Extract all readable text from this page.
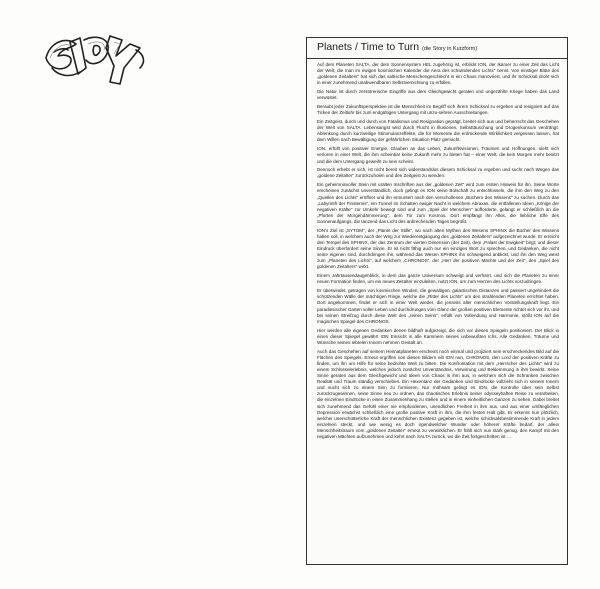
Planets / Time to Turn (die Story in Kurzform)

Auf dem Planeten SALTA, der dem Sonnensystem HEL zugehörig ist, erblickt ION, der Ikarxer zu einer Zeit das Licht der Welt, die man im ewigen kosmischen Kalender die Aera des schwindenden Lichts" nennt. Von einstiger Blüte des „goldenen Zeitalters" hat sich das saltische Menschengeschlecht in ein Chaos manövriert, und ihr Schicksal droht sich in einer zunehmend unabwendbaren Selbstvernichtung zu erfüllen.

Die Natur ist durch zerstörerische Eingriffe aus dem Gleichgewicht geraten und ungezählte Kriege haben das Land verwüstet.

Beraubt jeder Zukunftsperspektive ist die Menschheit im Begriff sich ihrem Schicksal zu ergeben und resigniert auf das Ticken der Zeitluhr bis zum endgültigen Untergang mit unzu-sehren Ausschreitungen.

Ein Zeitgeist, durch und durch von Fatalismus und Resignation geprägt, breitet sich aus und beherrscht das Geschehen der Welt von SALTA. Lebensangst wird durch Flucht in Illusionen, Selbsttäuschung und Drogenkonsum verdrängt. Ablenkung durch kurzweilige Stimmulanzeffekte, die für Momente die erdrückende Wirklichkeit vergessen lassen, hat dem Willen nach Bewältigung der gefährlichen Situation Platz gemacht.

ION, erfüllt von positiver Energie, Glauben an das Leben, Zukunftsvisionen, Träumen und Hoffnungen, sieht sich verloren in einer Welt, die ihm scheinbar keine Zukunft mehr zu bieten hat – einer Welt, die kein Morgen mehr besitzt und die dem Untergang geweiht zu sein scheint.

Dennoch erhebt er sich, ist nicht bereit sich widerstandslos diesem Schicksal zu ergeben und sucht nach Wegen das „goldene Zeitalter" zurückzuholen und den Zeitgeist zu wenden.

Ein geheimnisvoller Stein mit uralten Inschriften aus der „goldenen Zeit" wird zum ersten Hinweis für ihn. Seine Worte erscheinen zunächst unverständlich, doch gelingt es ION seine Botschaft zu entschlüsseln, die ihm den Weg zu den „Quellen des Lichts" eröffnet und ihn ermuntert nach den verschollenen „Büchern des Wissens" zu suchen. Durch das „Labyrinth der Finsternis", ein Tunnel im Schatten ewiger Nacht in welchem Abraxas, die entfallenen Ideen „Könige der negativen Kräfte" zur Umkehr bewegt sind und zum „Spiel der Menschen" aufforderte, gelangt er schließlich an die „Pforten der Morgendämmerung", dem Tor zum Kosmos. Dort empfängt ihn Alkis, die liebliche Elfe des Sonnenaufgangs, die tanzend das Licht des anbrechenden Tages begrüßt.

ION's Ziel ist „SYTOM", der „Planet der Stille", wo nach alten Mythen des Wesens SPHINX die Bücher des Wissens halten soll, in welchem auch der Weg zur Wiederentgangung des „goldenen Zeitalters" aufgezeichnet wurde. Er erreicht den Tempel des SPHINX, der das Zentrum der vierten Dimension (der Zeit), dem „Palast der Ewigkeit" birgt; und dieser Eindruck überfordert seine Sinne. Er ist nicht fähig auch nur ein einziges Wort zu sprechen, und Gedanken, die nicht seine eigenen sind, durchdringen ihn, während das Wesen SPHINX ihn schweigend anblickt, und ihn den Weg weist zum „Planeten des Lichts", auf welchem „CHRONOS", der „Herr der positiven Mächte und der Zeit", den „Spiel des goldenen Zeitalters" wirkt.

Einem Jahrtausendaugenblick, in dem das ganze Universum schweigt und verharrt, und sich die Planeten zu einer neuen Formation finden, um ein neues Zeitalter einzuleiten, nutzt ION, um zum Herzen des Lichts vorzudringen.

Er überwindet, getragen von kosmischen Winden, die gewaltigen, galactischen Distanzen und passiert ungehindert die schützenden Wälle der mächtigen Ringe, welche die „Ritter des Lichts" um den strahlenden Planeten errichtet haben. Dort angekommen, findet er sich in einer Welt wieder, die jenseits aller menschlichen Vorstellungskraft liegt. Ein paradiesischer Garten voller Leben und durchdrungen vom Glanz der großen positiven Elemente richtet sich vor ihr, und bei seinen Streifzug durch diese Welt des „reinen Seins", erfüllt von Vollendung und Harmonie, stößt ION auf die magischen Spiegel des CHRONOS.

Hier werden alle eigenen Gedanken denen bildhaft aufgezeigt, die sich vor diesen Spiegeln positioniert. Der Blick in einen dieser Spiegel gewährt ION Einsicht in alle Kammern seines unbewußten Ichs. Alle Gedanken, Träume und Wünsche seines Iebtelen Innern nehmen Gestalt an.

Auch das Geschehen auf seinem Heimatplaneten erscheint noch einmal und projiziert sein erschreckendes Bild auf die Flächen des Spiegels. Erneut ergriffen von diesen Bildern eilt ION nun, CHRONOS, den Lord der positiven Kräfte zu finden, um ihn um Hilfe für seine bedrohte Welt zu bitten. Die Konfrontation mit dem „Herrscher des Lichts" wird zu einem Schlüsselerlebnis, welches jedoch zunächst Unverständnis, Verwirrung und Beklemmung in ihm bewirkt. Seine Sinne geraten aus dem Gleichgewicht und Ideen von Chaos in ihm aus, in welchem sich die Schranken zwischen Realität und Traum ständig verschieben. Ein Hexentanz der Gedanken und Eindrücke vollzieht sich in seinem Innern und sucht sich zu einem Sinn zu formieren. Nur mühsam gelingt es ION, die Kontrolle über sein Selbst zurückzugewinnen, seine Sinne neu zu ordnen, das chaotisches Erlebnis seiner odysseyhaften Reise zu verarbeiten, die einzelnen Eindrücke in einen Zusammenhang zu stellen und in einem einheitlichen Ganzen zu sehen. Dabei breitet sich zunehmend das Gefühl einer nie empfundenen, unendlichen Freiheit in ihm aus, und aus einer umfänglichen Depression erwächst schließlich eine große positive Kraft in ihm, die ihm festen Halt gibt. Er erkennt nun plötzlich, welcher unerschütterliche Kraft der menschlichen Existenz gegeben ist, welche schicksalsbestimmende Kraft in jedem einzelnen steckt, und wie wenig es doch irgendwelcher Wunder oder höherer Kräfte bedarf, der allein Menschheitstraum vom „goldenen Zeitalter" erneut zu verwirklichen. Er fühlt sich nun stark genug, den Kampf mit den negativen Mächten aufzunehmen und kehrt nach SALTA zurück, wo die Zeit fortgeschritten ist …
